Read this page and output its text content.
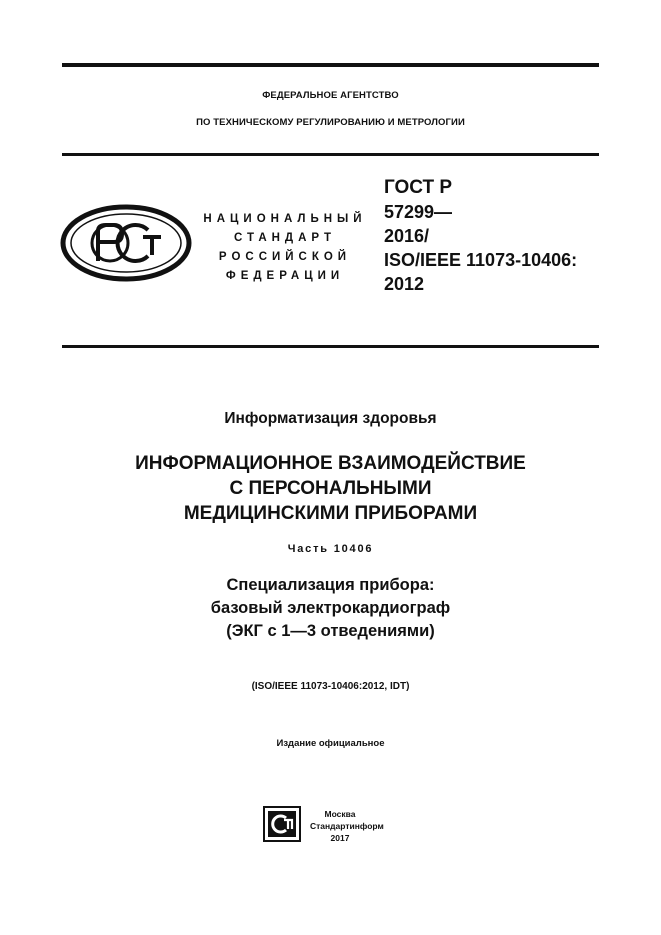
ФЕДЕРАЛЬНОЕ АГЕНТСТВО
ПО ТЕХНИЧЕСКОМУ РЕГУЛИРОВАНИЮ И МЕТРОЛОГИИ
НАЦИОНАЛЬНЫЙ
СТАНДАРТ
РОССИЙСКОЙ
ФЕДЕРАЦИИ
ГОСТ Р
57299—
2016/
ISO/IEEE 11073-10406:
2012
Информатизация здоровья
ИНФОРМАЦИОННОЕ ВЗАИМОДЕЙСТВИЕ
С ПЕРСОНАЛЬНЫМИ
МЕДИЦИНСКИМИ ПРИБОРАМИ
Часть 10406
Специализация прибора:
базовый электрокардиограф
(ЭКГ с 1—3 отведениями)
(ISO/IEEE 11073-10406:2012, IDT)
Издание официальное
Москва
Стандартинформ
2017
